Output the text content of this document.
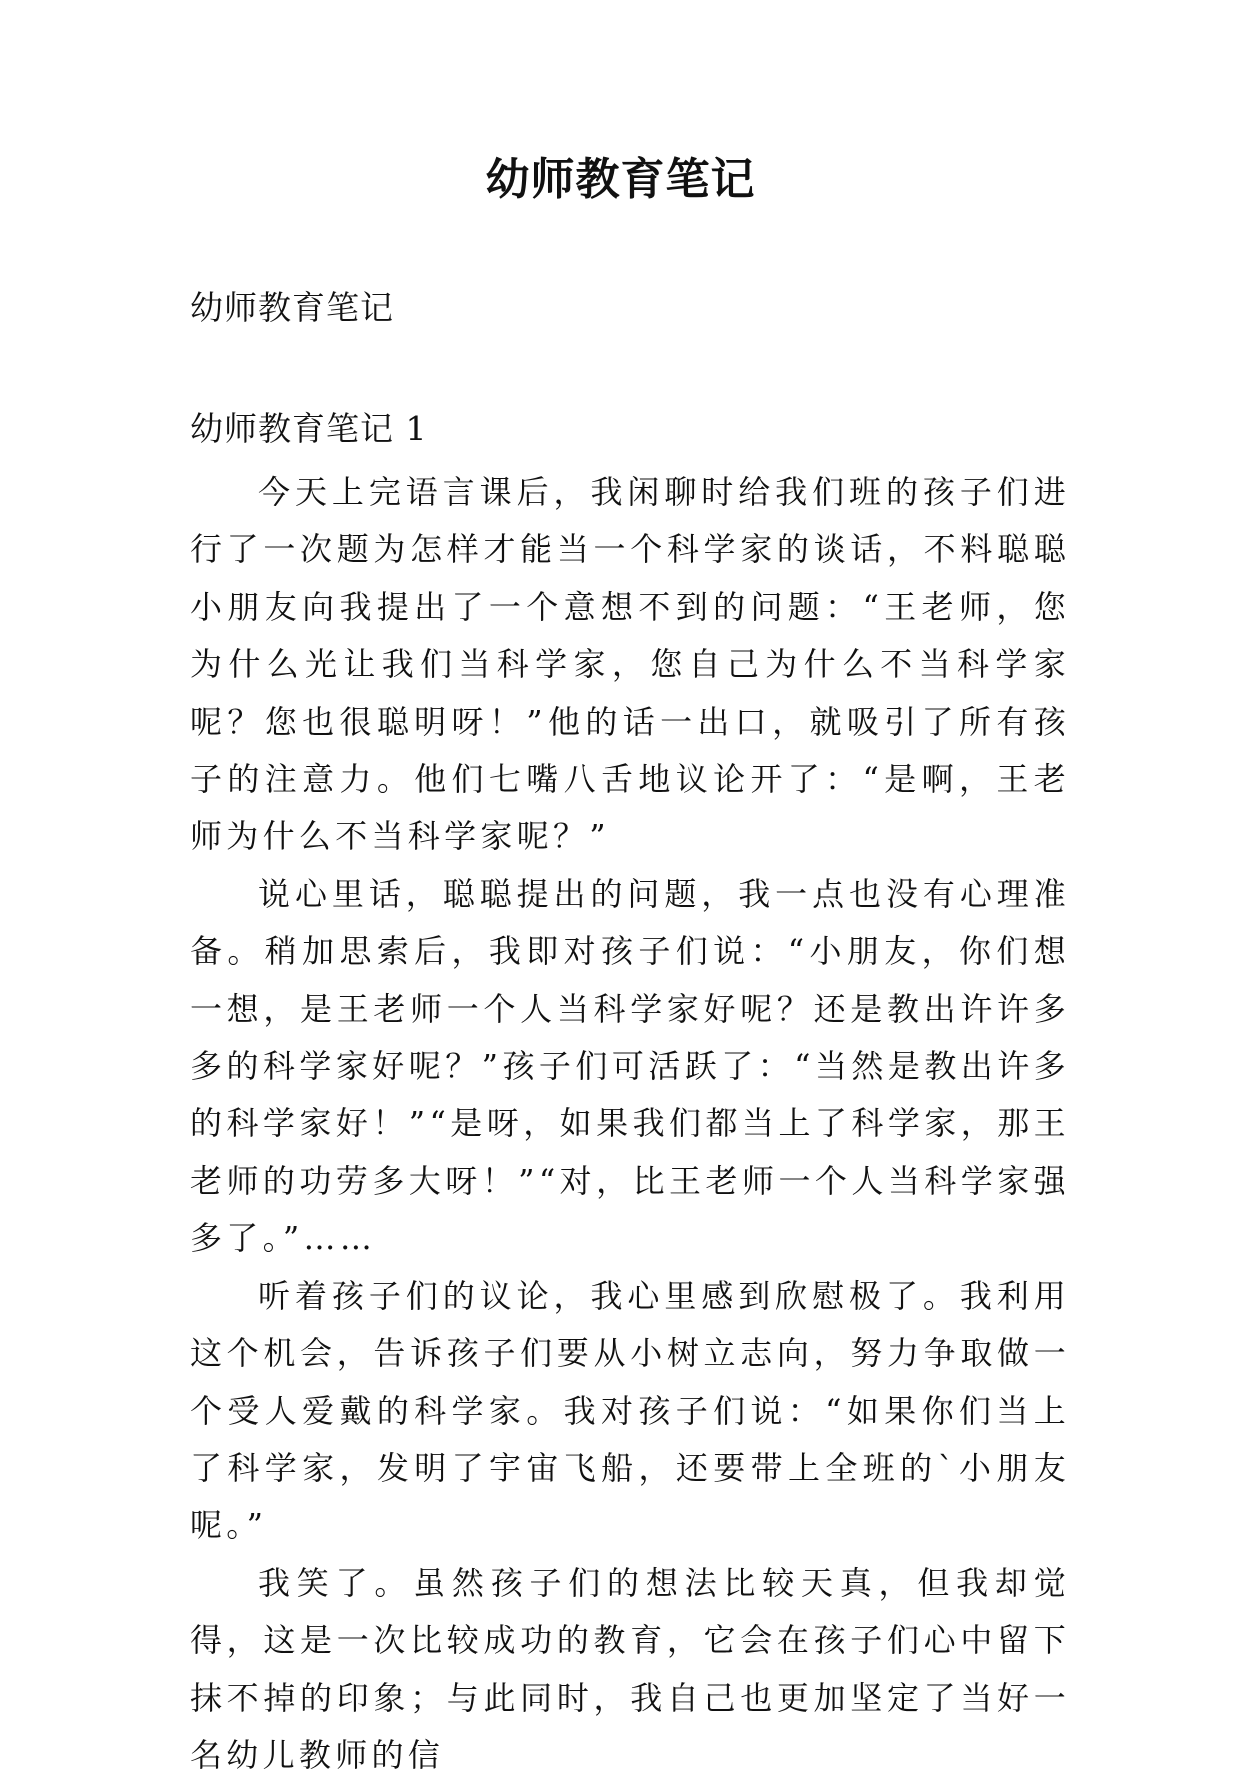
幼师教育笔记
幼师教育笔记
幼师教育笔记 1

今天上完语言课后，我闲聊时给我们班的孩子们进行了一次题为怎样才能当一个科学家的谈话，不料聪聪小朋友向我提出了一个意想不到的问题：“王老师，您为什么光让我们当科学家，您自己为什么不当科学家呢？您也很聪明呀！”他的话一出口，就吸引了所有孩子的注意力。他们七嘴八舌地议论开了：“是啊，王老师为什么不当科学家呢？”

说心里话，聪聪提出的问题，我一点也没有心理准备。稍加思索后，我即对孩子们说：“小朋友，你们想一想，是王老师一个人当科学家好呢？还是教出许许多多的科学家好呢？”孩子们可活跃了：“当然是教出许多的科学家好！”“是呀，如果我们都当上了科学家，那王老师的功劳多大呀！”“对，比王老师一个人当科学家强多了。”……

听着孩子们的议论，我心里感到欣慰极了。我利用这个机会，告诉孩子们要从小树立志向，努力争取做一个受人爱戴的科学家。我对孩子们说：“如果你们当上了科学家，发明了宇宙飞船，还要带上全班的`小朋友呢。”

我笑了。虽然孩子们的想法比较天真，但我却觉得，这是一次比较成功的教育，它会在孩子们心中留下抹不掉的印象；与此同时，我自己也更加坚定了当好一名幼儿教师的信
